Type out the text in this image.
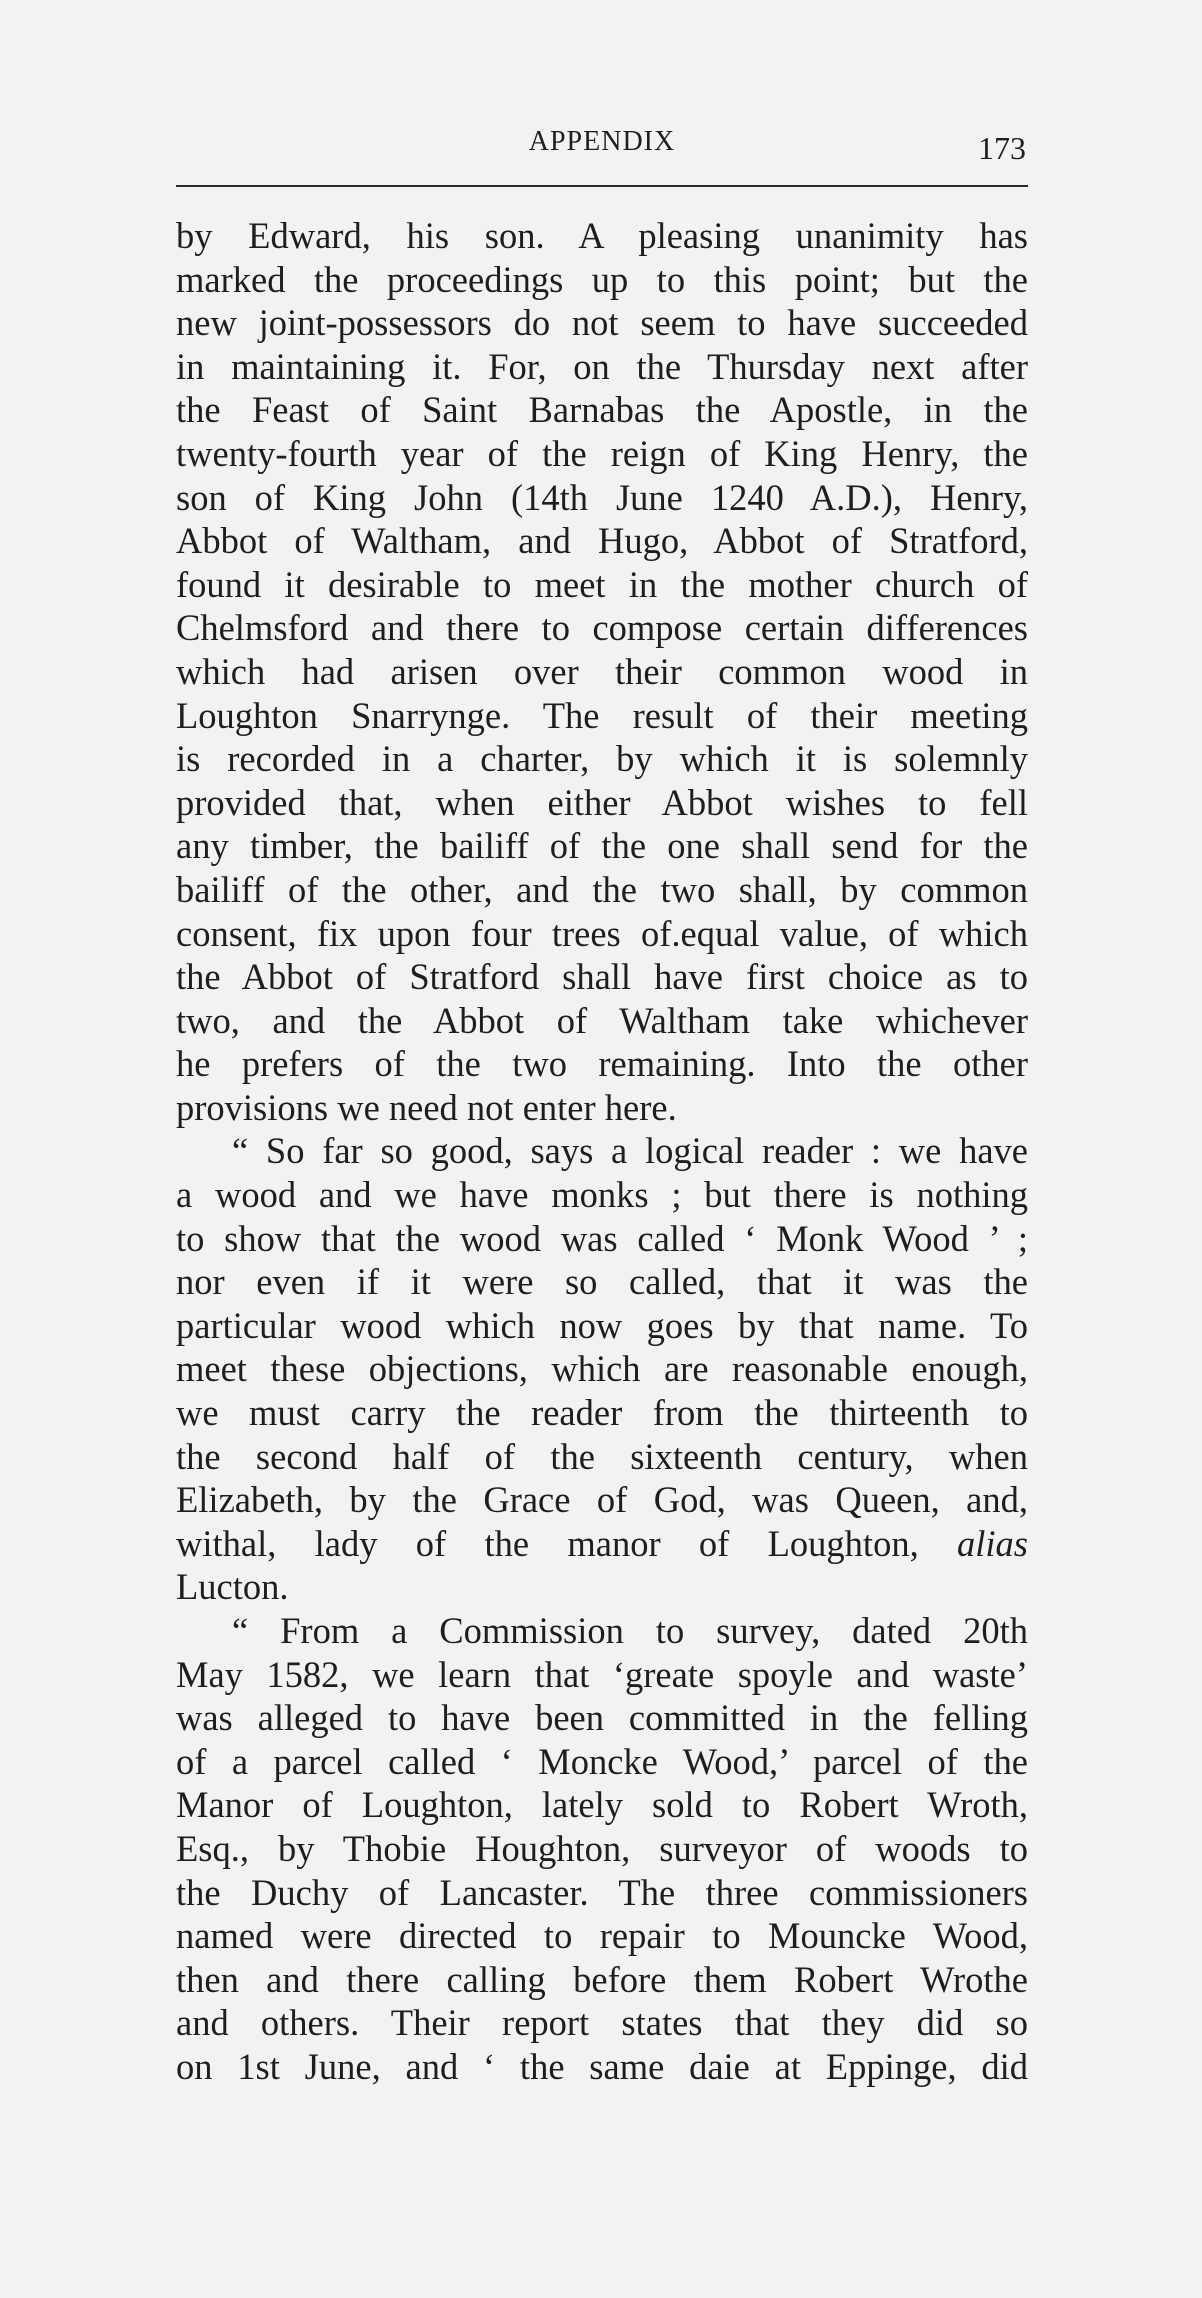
APPENDIX	173
by Edward, his son. A pleasing unanimity has
marked the proceedings up to this point; but the
new joint-possessors do not seem to have succeeded
in maintaining it. For, on the Thursday next after
the Feast of Saint Barnabas the Apostle, in the
twenty-fourth year of the reign of King Henry, the
son of King John (14th June 1240 A.D.), Henry,
Abbot of Waltham, and Hugo, Abbot of Stratford,
found it desirable to meet in the mother church of
Chelmsford and there to compose certain differences
which had arisen over their common wood in
Loughton Snarrynge. The result of their meeting
is recorded in a charter, by which it is solemnly
provided that, when either Abbot wishes to fell
any timber, the bailiff of the one shall send for the
bailiff of the other, and the two shall, by common
consent, fix upon four trees of.equal value, of which
the Abbot of Stratford shall have first choice as to
two, and the Abbot of Waltham take whichever
he prefers of the two remaining. Into the other
provisions we need not enter here.
“ So far so good, says a logical reader : we have
a wood and we have monks ; but there is nothing
to show that the wood was called ‘ Monk Wood ’ ;
nor even if it were so called, that it was the
particular wood which now goes by that name. To
meet these objections, which are reasonable enough,
we must carry the reader from the thirteenth to
the second half of the sixteenth century, when
Elizabeth, by the Grace of God, was Queen, and,
withal, lady of the manor of Loughton, alias
Lucton.
“ From a Commission to survey, dated 20th
May 1582, we learn that ‘greate spoyle and waste’
was alleged to have been committed in the felling
of a parcel called ‘ Moncke Wood,’ parcel of the
Manor of Loughton, lately sold to Robert Wroth,
Esq., by Thobie Houghton, surveyor of woods to
the Duchy of Lancaster. The three commissioners
named were directed to repair to Mouncke Wood,
then and there calling before them Robert Wrothe
and others. Their report states that they did so
on 1st June, and ‘ the same daie at Eppinge, did
